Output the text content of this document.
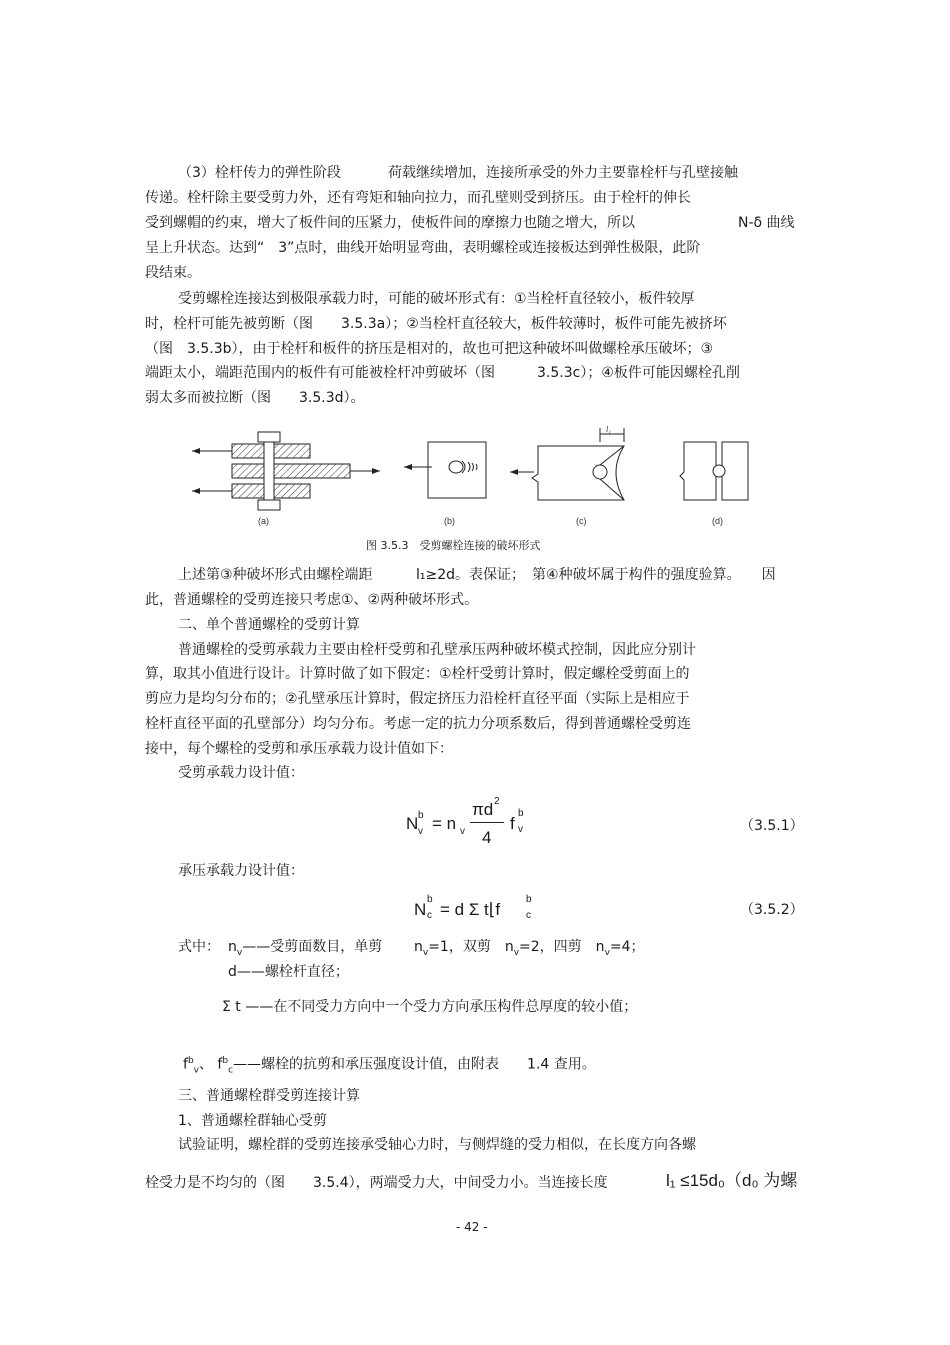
（3）栓杆传力的弹性阶段	荷载继续增加，连接所承受的外力主要靠栓杆与孔壁接触
传递。栓杆除主要受剪力外，还有弯矩和轴向拉力，而孔壁则受到挤压。由于栓杆的伸长
受到螺帽的约束，增大了板件间的压紧力，使板件间的摩擦力也随之增大，所以	N-δ 曲线
呈上升状态。达到“　3”点时，曲线开始明显弯曲，表明螺栓或连接板达到弹性极限，此阶
段结束。
受剪螺栓连接达到极限承载力时，可能的破坏形式有：①当栓杆直径较小，板件较厚
时，栓杆可能先被剪断（图　　3.5.3a）；②当栓杆直径较大，板件较薄时，板件可能先被挤坏
（图　3.5.3b），由于栓杆和板件的挤压是相对的，故也可把这种破坏叫做螺栓承压破坏；③
端距太小，端距范围内的板件有可能被栓杆冲剪破坏（图　　　3.5.3c）；④板件可能因螺栓孔削
弱太多而被拉断（图　　3.5.3d）。
(a)	(b)	(c)	(d)
l₁
图 3.5.3　受剪螺栓连接的破坏形式
上述第③种破坏形式由螺栓端距	l₁≥2d。表保证；　第④种破坏属于构件的强度验算。　　因
此，普通螺栓的受剪连接只考虑①、②两种破坏形式。
二、单个普通螺栓的受剪计算
普通螺栓的受剪承载力主要由栓杆受剪和孔壁承压两种破坏模式控制，因此应分别计
算，取其小值进行设计。计算时做了如下假定：①栓杆受剪计算时，假定螺栓受剪面上的
剪应力是均匀分布的；②孔壁承压计算时，假定挤压力沿栓杆直径平面（实际上是相应于
栓杆直径平面的孔壁部分）均匀分布。考虑一定的抗力分项系数后，得到普通螺栓受剪连
接中，每个螺栓的受剪和承压承载力设计值如下：
受剪承载力设计值：
N b
v = n v
πd 2
4
f
b
v	（3.5.1）
承压承载力设计值：
N
b
c = d Σ t⌊f
b
c	（3.5.2）
式中： $n_v——$受剪面数目，单剪 $n_v=1$，双剪　$n_v=2$，四剪　$n_v=4$；
d——螺栓杆直径；
Σ t ——在不同受力方向中一个受力方向承压构件总厚度的较小值；
$f^b_v$、 $f^b_c——$螺栓的抗剪和承压强度设计值，由附表　　1.4 查用。
三、普通螺栓群受剪连接计算
1、普通螺栓群轴心受剪
试验证明，螺栓群的受剪连接承受轴心力时，与侧焊缝的受力相似，在长度方向各螺
栓受力是不均匀的（图　　3.5.4），两端受力大，中间受力小。当连接长度	l₁ ≤15d₀（d₀ 为螺
- 42 -
